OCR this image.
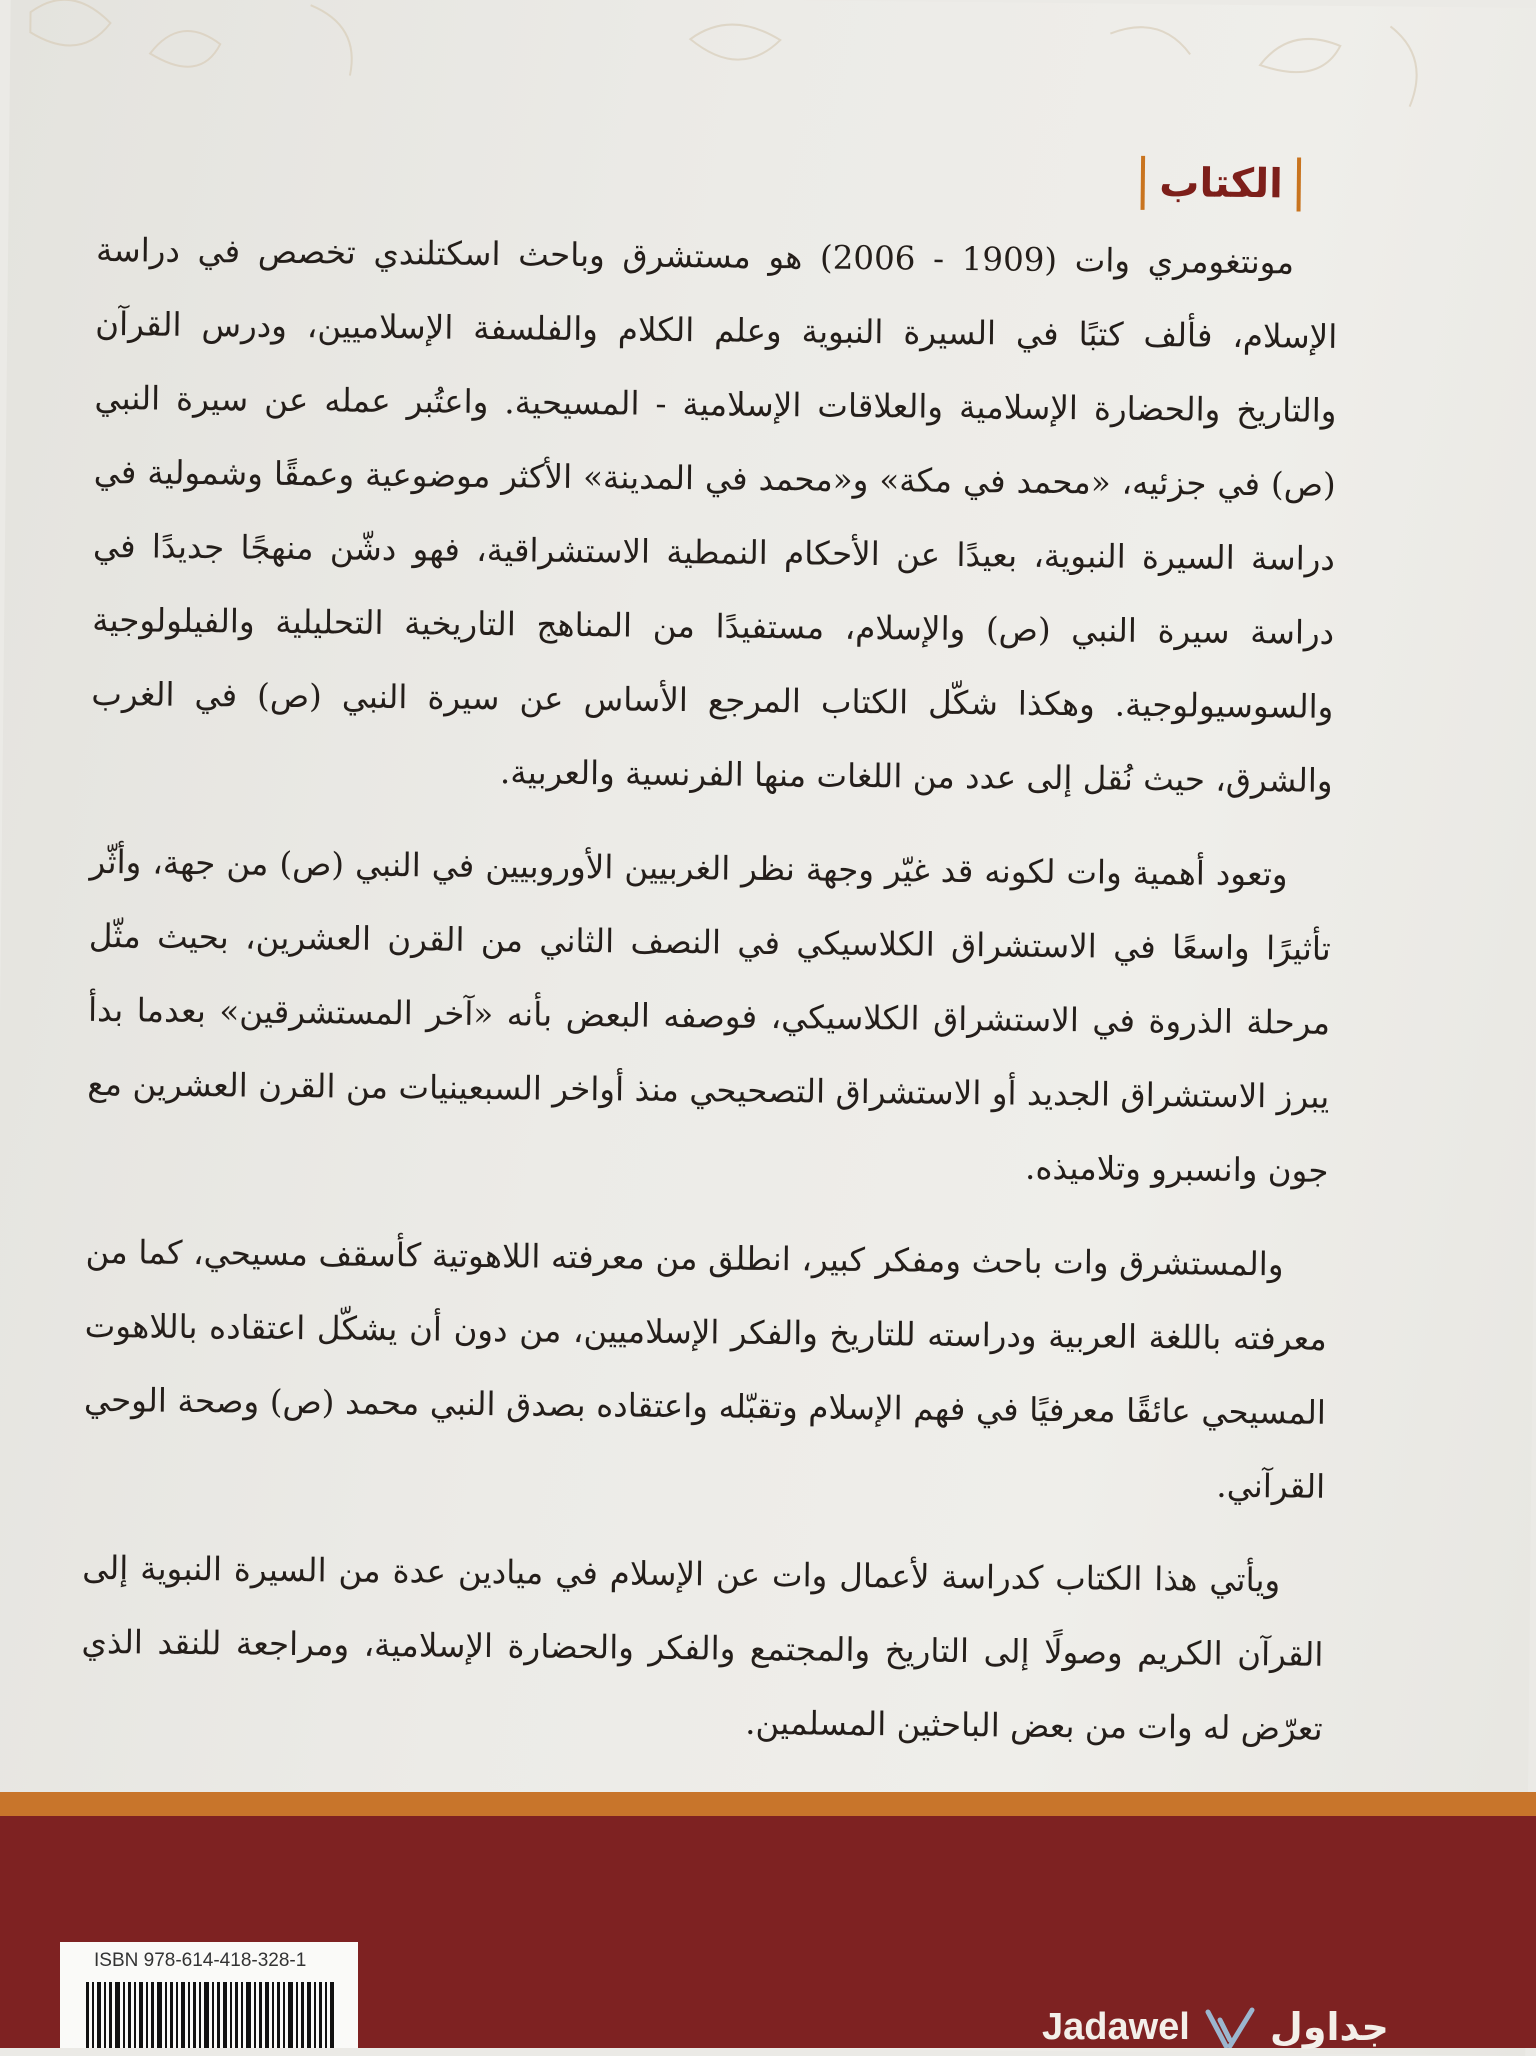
الكتاب

مونتغومري وات (1909 - 2006) هو مستشرق وباحث اسكتلندي تخصص في دراسة الإسلام، فألف كتبًا في السيرة النبوية وعلم الكلام والفلسفة الإسلاميين، ودرس القرآن والتاريخ والحضارة الإسلامية والعلاقات الإسلامية - المسيحية. واعتُبر عمله عن سيرة النبي (ص) في جزئيه، «محمد في مكة» و«محمد في المدينة» الأكثر موضوعية وعمقًا وشمولية في دراسة السيرة النبوية، بعيدًا عن الأحكام النمطية الاستشراقية، فهو دشّن منهجًا جديدًا في دراسة سيرة النبي (ص) والإسلام، مستفيدًا من المناهج التاريخية التحليلية والفيلولوجية والسوسيولوجية. وهكذا شكّل الكتاب المرجع الأساس عن سيرة النبي (ص) في الغرب والشرق، حيث نُقل إلى عدد من اللغات منها الفرنسية والعربية.

وتعود أهمية وات لكونه قد غيّر وجهة نظر الغربيين الأوروبيين في النبي (ص) من جهة، وأثّر تأثيرًا واسعًا في الاستشراق الكلاسيكي في النصف الثاني من القرن العشرين، بحيث مثّل مرحلة الذروة في الاستشراق الكلاسيكي، فوصفه البعض بأنه «آخر المستشرقين» بعدما بدأ يبرز الاستشراق الجديد أو الاستشراق التصحيحي منذ أواخر السبعينيات من القرن العشرين مع جون وانسبرو وتلاميذه.

والمستشرق وات باحث ومفكر كبير، انطلق من معرفته اللاهوتية كأسقف مسيحي، كما من معرفته باللغة العربية ودراسته للتاريخ والفكر الإسلاميين، من دون أن يشكّل اعتقاده باللاهوت المسيحي عائقًا معرفيًا في فهم الإسلام وتقبّله واعتقاده بصدق النبي محمد (ص) وصحة الوحي القرآني.

ويأتي هذا الكتاب كدراسة لأعمال وات عن الإسلام في ميادين عدة من السيرة النبوية إلى القرآن الكريم وصولًا إلى التاريخ والمجتمع والفكر والحضارة الإسلامية، ومراجعة للنقد الذي تعرّض له وات من بعض الباحثين المسلمين.

ISBN 978-614-418-328-1
Jadawel جداول
